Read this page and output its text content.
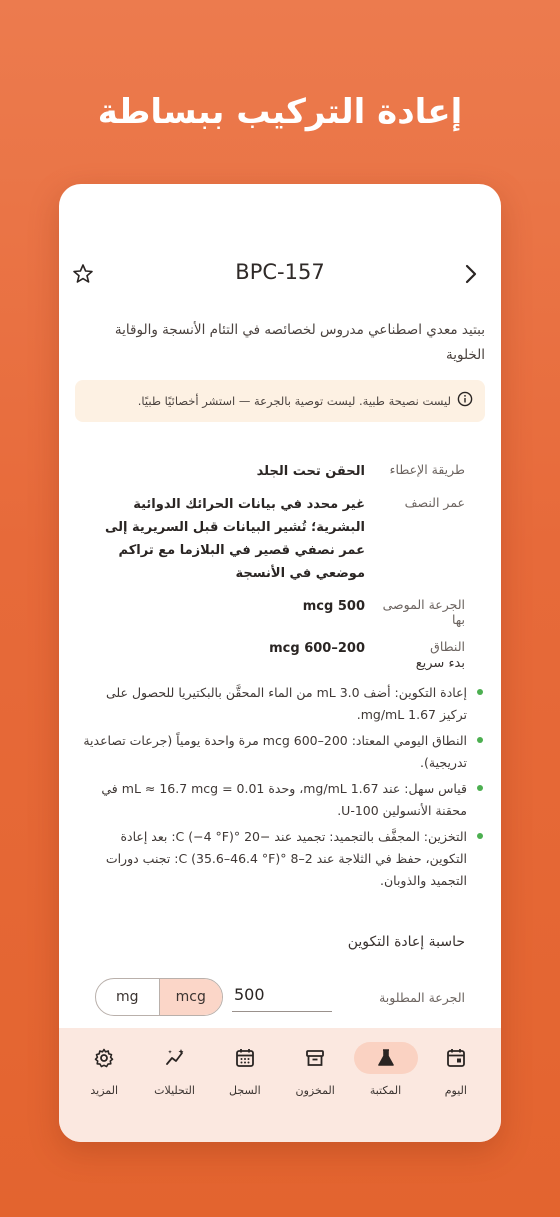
إعادة التركيب ببساطة
BPC-157
ببتيد معدي اصطناعي مدروس لخصائصه في التئام الأنسجة والوقاية الخلوية
ليست نصيحة طبية. ليست توصية بالجرعة — استشر أخصائيًا طبيًا.
طريقة الإعطاء
الحقن تحت الجلد
عمر النصف
غير محدد في بيانات الحرائك الدوائية البشرية؛ تُشير البيانات قبل السريرية إلى عمر نصفي قصير في البلازما مع تراكم موضعي في الأنسجة
الجرعة الموصى بها
500 mcg
النطاق
200–600 mcg
بدء سريع
إعادة التكوين: أضف 3.0 mL من الماء المحقَّن بالبكتيريا للحصول على تركيز 1.67 mg/mL.
النطاق اليومي المعتاد: 200–600 mcg مرة واحدة يومياً (جرعات تصاعدية تدريجية).
قياس سهل: عند 1.67 mg/mL، وحدة 0.01 = mL ≈ 16.7 mcg في محقنة الأنسولين U-100.
التخزين: المجفَّف بالتجميد: تجميد عند −20 °C (−4 °F): بعد إعادة التكوين، حفظ في الثلاجة عند 2–8 °C (35.6–46.4 °F): تجنب دورات التجميد والذوبان.
حاسبة إعادة التكوين
الجرعة المطلوبة
500
mg	mcg
اليوم
المكتبة
المخزون
السجل
التحليلات
المزيد
